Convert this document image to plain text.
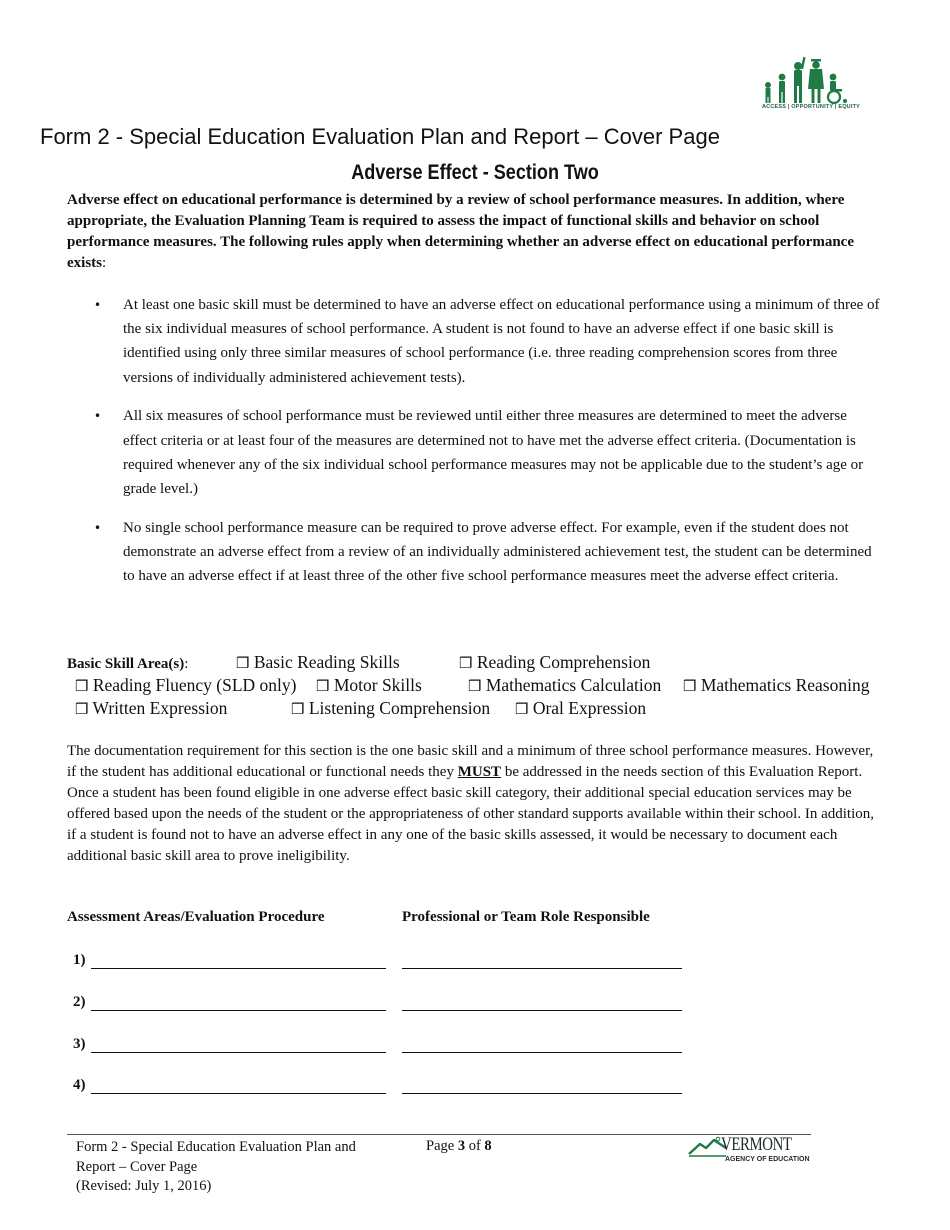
ACCESS | OPPORTUNITY | EQUITY
Form 2 - Special Education Evaluation Plan and Report – Cover Page
Adverse Effect - Section Two
Adverse effect on educational performance is determined by a review of school performance measures. In addition, where appropriate, the Evaluation Planning Team is required to assess the impact of functional skills and behavior on school performance measures. The following rules apply when determining whether an adverse effect on educational performance exists:
• At least one basic skill must be determined to have an adverse effect on educational performance using a minimum of three of the six individual measures of school performance. A student is not found to have an adverse effect if one basic skill is identified using only three similar measures of school performance (i.e. three reading comprehension scores from three versions of individually administered achievement tests).
• All six measures of school performance must be reviewed until either three measures are determined to meet the adverse effect criteria or at least four of the measures are determined not to have met the adverse effect criteria. (Documentation is required whenever any of the six individual school performance measures may not be applicable due to the student’s age or grade level.)
• No single school performance measure can be required to prove adverse effect. For example, even if the student does not demonstrate an adverse effect from a review of an individually administered achievement test, the student can be determined to have an adverse effect if at least three of the other five school performance measures meet the adverse effect criteria.
Basic Skill Area(s):	❒ Basic Reading Skills	❒ Reading Comprehension
❒ Reading Fluency (SLD only) ❒ Motor Skills	❒ Mathematics Calculation ❒ Mathematics Reasoning
❒ Written Expression	❒ Listening Comprehension ❒ Oral Expression
The documentation requirement for this section is the one basic skill and a minimum of three school performance measures. However, if the student has additional educational or functional needs they MUST be addressed in the needs section of this Evaluation Report. Once a student has been found eligible in one adverse effect basic skill category, their additional special education services may be offered based upon the needs of the student or the appropriateness of other standard supports available within their school. In addition, if a student is found not to have an adverse effect in any one of the basic skills assessed, it would be necessary to document each additional basic skill area to prove ineligibility.
Assessment Areas/Evaluation Procedure	Professional or Team Role Responsible
1)
2)
3)
4)
Form 2 - Special Education Evaluation Plan and
Report – Cover Page
(Revised: July 1, 2016)
Page 3 of 8	VERMONT
AGENCY OF EDUCATION
